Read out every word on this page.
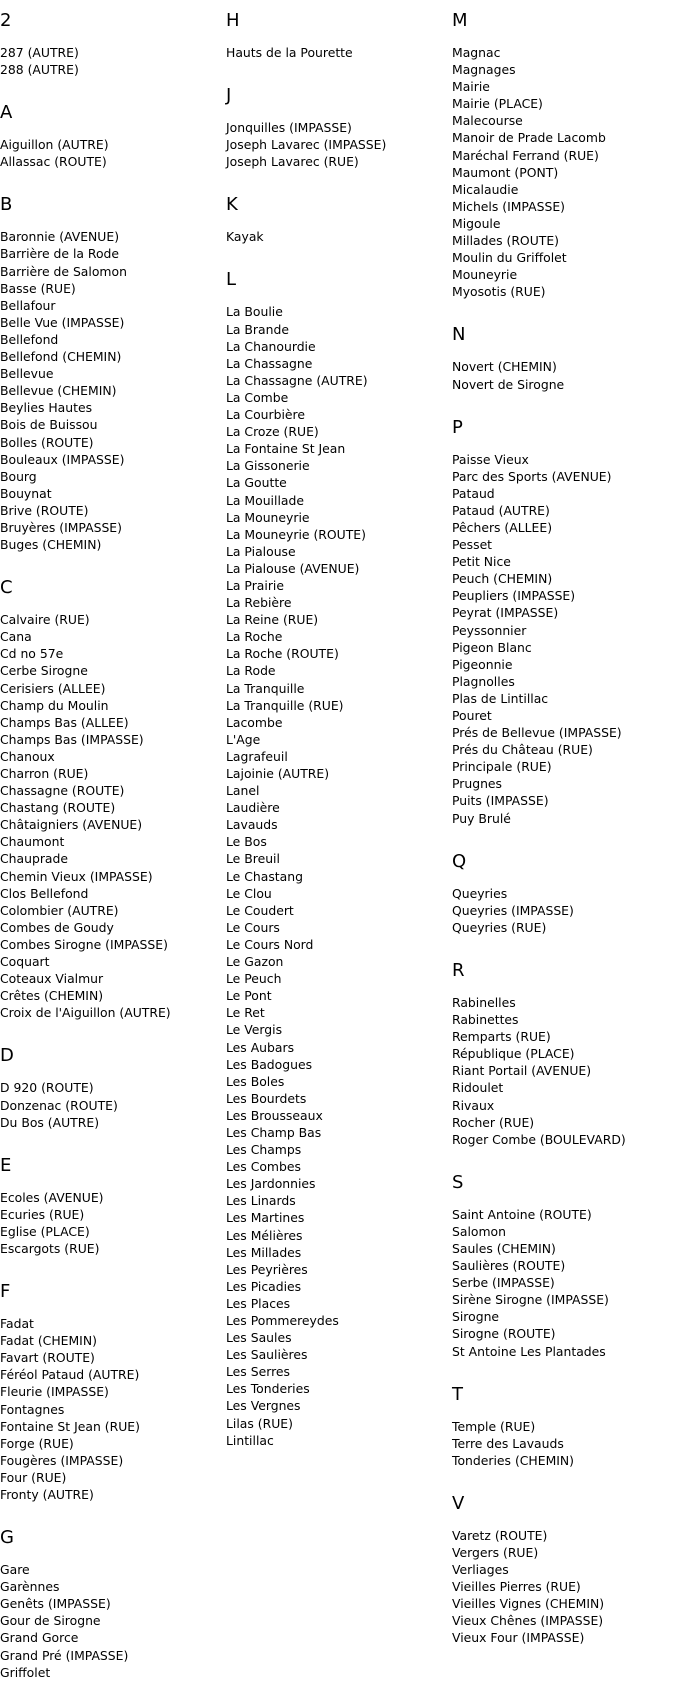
2
287 (AUTRE)
288 (AUTRE)
A
Aiguillon (AUTRE)
Allassac (ROUTE)
B
Baronnie (AVENUE)
Barrière de la Rode
Barrière de Salomon
Basse (RUE)
Bellafour
Belle Vue (IMPASSE)
Bellefond
Bellefond (CHEMIN)
Bellevue
Bellevue (CHEMIN)
Beylies Hautes
Bois de Buissou
Bolles (ROUTE)
Bouleaux (IMPASSE)
Bourg
Bouynat
Brive (ROUTE)
Bruyères (IMPASSE)
Buges (CHEMIN)
C
Calvaire (RUE)
Cana
Cd no 57e
Cerbe Sirogne
Cerisiers (ALLEE)
Champ du Moulin
Champs Bas (ALLEE)
Champs Bas (IMPASSE)
Chanoux
Charron (RUE)
Chassagne (ROUTE)
Chastang (ROUTE)
Châtaigniers (AVENUE)
Chaumont
Chauprade
Chemin Vieux (IMPASSE)
Clos Bellefond
Colombier (AUTRE)
Combes de Goudy
Combes Sirogne (IMPASSE)
Coquart
Coteaux Vialmur
Crêtes (CHEMIN)
Croix de l'Aiguillon (AUTRE)
D
D 920 (ROUTE)
Donzenac (ROUTE)
Du Bos (AUTRE)
E
Ecoles (AVENUE)
Ecuries (RUE)
Eglise (PLACE)
Escargots (RUE)
F
Fadat
Fadat (CHEMIN)
Favart (ROUTE)
Féréol Pataud (AUTRE)
Fleurie (IMPASSE)
Fontagnes
Fontaine St Jean (RUE)
Forge (RUE)
Fougères (IMPASSE)
Four (RUE)
Fronty (AUTRE)
G
Gare
Garènnes
Genêts (IMPASSE)
Gour de Sirogne
Grand Gorce
Grand Pré (IMPASSE)
Griffolet
H
Hauts de la Pourette
J
Jonquilles (IMPASSE)
Joseph Lavarec (IMPASSE)
Joseph Lavarec (RUE)
K
Kayak
L
La Boulie
La Brande
La Chanourdie
La Chassagne
La Chassagne (AUTRE)
La Combe
La Courbière
La Croze (RUE)
La Fontaine St Jean
La Gissonerie
La Goutte
La Mouillade
La Mouneyrie
La Mouneyrie (ROUTE)
La Pialouse
La Pialouse (AVENUE)
La Prairie
La Rebière
La Reine (RUE)
La Roche
La Roche (ROUTE)
La Rode
La Tranquille
La Tranquille (RUE)
Lacombe
L'Age
Lagrafeuil
Lajoinie (AUTRE)
Lanel
Laudière
Lavauds
Le Bos
Le Breuil
Le Chastang
Le Clou
Le Coudert
Le Cours
Le Cours Nord
Le Gazon
Le Peuch
Le Pont
Le Ret
Le Vergis
Les Aubars
Les Badogues
Les Boles
Les Bourdets
Les Brousseaux
Les Champ Bas
Les Champs
Les Combes
Les Jardonnies
Les Linards
Les Martines
Les Mélières
Les Millades
Les Peyrières
Les Picadies
Les Places
Les Pommereydes
Les Saules
Les Saulières
Les Serres
Les Tonderies
Les Vergnes
Lilas (RUE)
Lintillac
M
Magnac
Magnages
Mairie
Mairie (PLACE)
Malecourse
Manoir de Prade Lacomb
Maréchal Ferrand (RUE)
Maumont (PONT)
Micalaudie
Michels (IMPASSE)
Migoule
Millades (ROUTE)
Moulin du Griffolet
Mouneyrie
Myosotis (RUE)
N
Novert (CHEMIN)
Novert de Sirogne
P
Paisse Vieux
Parc des Sports (AVENUE)
Pataud
Pataud (AUTRE)
Pêchers (ALLEE)
Pesset
Petit Nice
Peuch (CHEMIN)
Peupliers (IMPASSE)
Peyrat (IMPASSE)
Peyssonnier
Pigeon Blanc
Pigeonnie
Plagnolles
Plas de Lintillac
Pouret
Prés de Bellevue (IMPASSE)
Prés du Château (RUE)
Principale (RUE)
Prugnes
Puits (IMPASSE)
Puy Brulé
Q
Queyries
Queyries (IMPASSE)
Queyries (RUE)
R
Rabinelles
Rabinettes
Remparts (RUE)
République (PLACE)
Riant Portail (AVENUE)
Ridoulet
Rivaux
Rocher (RUE)
Roger Combe (BOULEVARD)
S
Saint Antoine (ROUTE)
Salomon
Saules (CHEMIN)
Saulières (ROUTE)
Serbe (IMPASSE)
Sirène Sirogne (IMPASSE)
Sirogne
Sirogne (ROUTE)
St Antoine Les Plantades
T
Temple (RUE)
Terre des Lavauds
Tonderies (CHEMIN)
V
Varetz (ROUTE)
Vergers (RUE)
Verliages
Vieilles Pierres (RUE)
Vieilles Vignes (CHEMIN)
Vieux Chênes (IMPASSE)
Vieux Four (IMPASSE)
